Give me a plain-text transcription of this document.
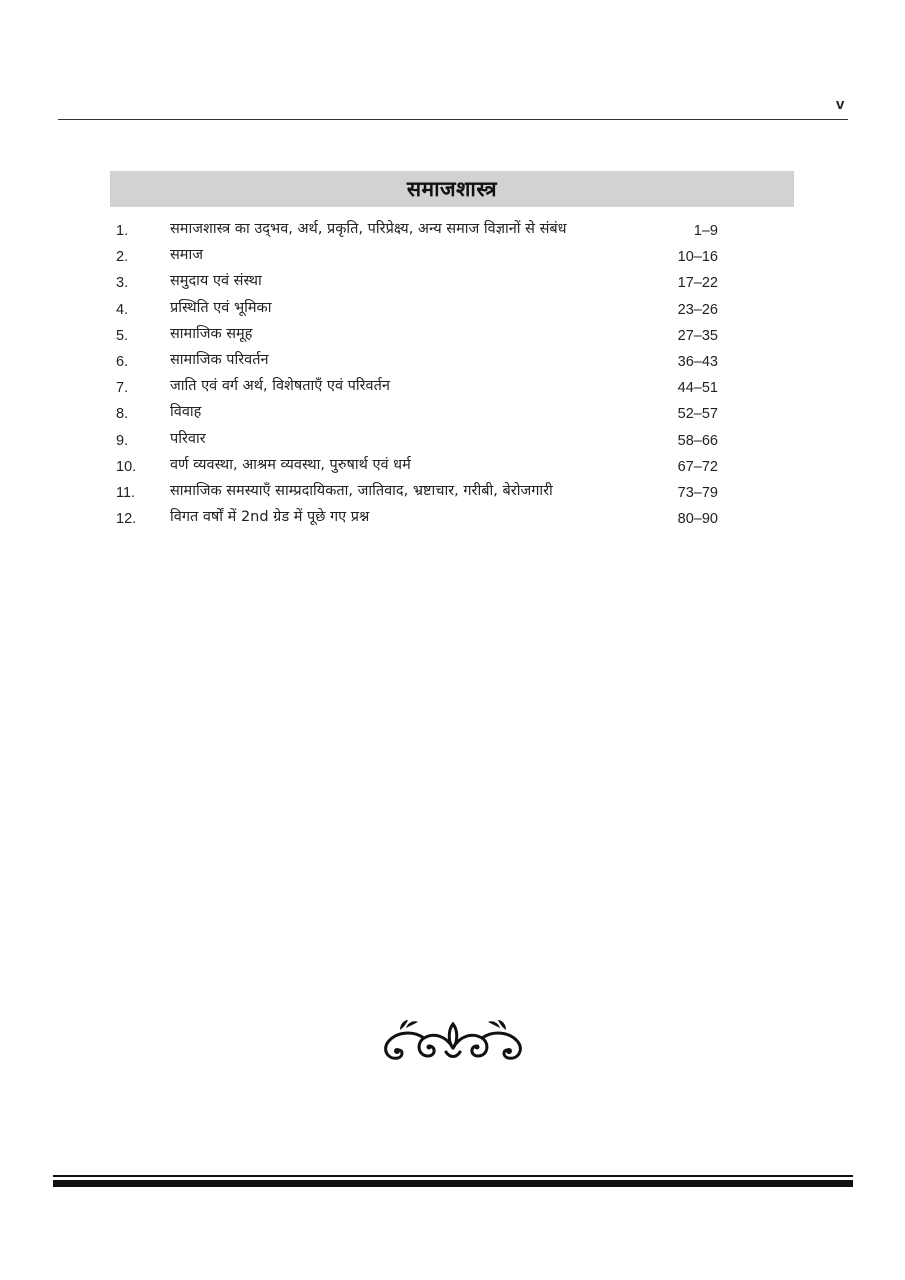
v
समाजशास्त्र
1.	समाजशास्त्र का उद्‌भव, अर्थ, प्रकृति, परिप्रेक्ष्य, अन्य समाज विज्ञानों से संबंध	1–9
2.	समाज	10–16
3.	समुदाय एवं संस्था	17–22
4.	प्रस्थिति एवं भूमिका	23–26
5.	सामाजिक समूह	27–35
6.	सामाजिक परिवर्तन	36–43
7.	जाति एवं वर्ग अर्थ, विशेषताएँ एवं परिवर्तन	44–51
8.	विवाह	52–57
9.	परिवार	58–66
10. वर्ण व्यवस्था, आश्रम व्यवस्था, पुरुषार्थ एवं धर्म	67–72
11. सामाजिक समस्याएँ साम्प्रदायिकता, जातिवाद, भ्रष्टाचार, गरीबी, बेरोजगारी	73–79
12. विगत वर्षों में 2nd ग्रेड में पूछे गए प्रश्न	80–90
